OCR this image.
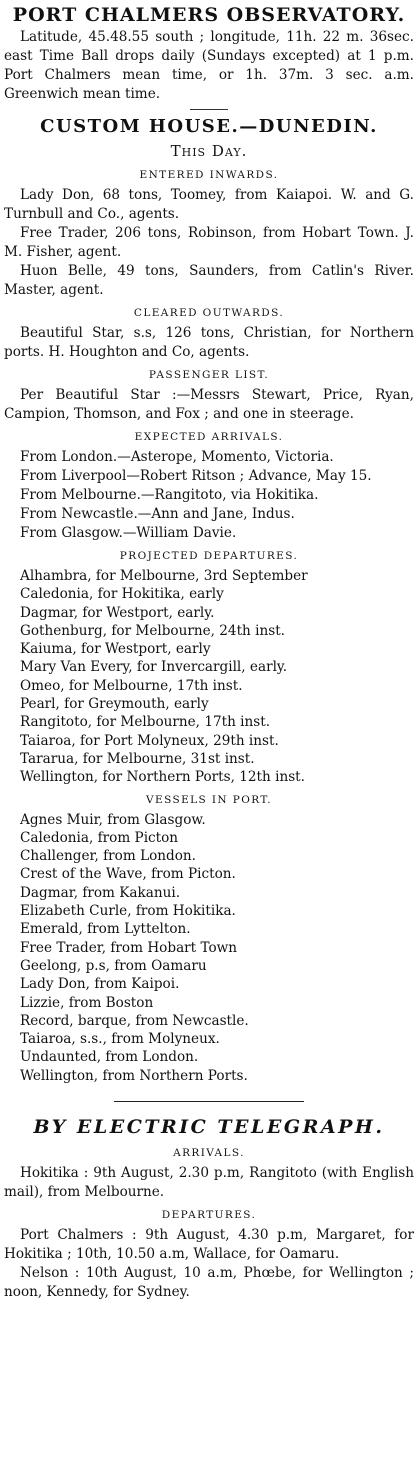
PORT CHALMERS OBSERVATORY.

Latitude, 45.48.55 south ; longitude, 11h. 22 m. 36sec. east Time Ball drops daily (Sundays excepted) at 1 p.m. Port Chalmers mean time, or 1h. 37m. 3 sec. a.m. Greenwich mean time.

CUSTOM HOUSE.—DUNEDIN.
This Day.
ENTERED INWARDS.

Lady Don, 68 tons, Toomey, from Kaiapoi. W. and G. Turnbull and Co., agents.

Free Trader, 206 tons, Robinson, from Hobart Town. J. M. Fisher, agent.

Huon Belle, 49 tons, Saunders, from Catlin's River. Master, agent.

CLEARED OUTWARDS.

Beautiful Star, s.s, 126 tons, Christian, for Northern ports. H. Houghton and Co, agents.

PASSENGER LIST.

Per Beautiful Star :—Messrs Stewart, Price, Ryan, Campion, Thomson, and Fox ; and one in steerage.

EXPECTED ARRIVALS.

From London.—Asterope, Momento, Victoria.

From Liverpool—Robert Ritson ; Advance, May 15.

From Melbourne.—Rangitoto, via Hokitika.

From Newcastle.—Ann and Jane, Indus.

From Glasgow.—William Davie.

PROJECTED DEPARTURES.
Alhambra, for Melbourne, 3rd September
Caledonia, for Hokitika, early
Dagmar, for Westport, early.
Gothenburg, for Melbourne, 24th inst.
Kaiuma, for Westport, early
Mary Van Every, for Invercargill, early.
Omeo, for Melbourne, 17th inst.
Pearl, for Greymouth, early
Rangitoto, for Melbourne, 17th inst.
Taiaroa, for Port Molyneux, 29th inst.
Tararua, for Melbourne, 31st inst.
Wellington, for Northern Ports, 12th inst.
VESSELS IN PORT.
Agnes Muir, from Glasgow.
Caledonia, from Picton
Challenger, from London.
Crest of the Wave, from Picton.
Dagmar, from Kakanui.
Elizabeth Curle, from Hokitika.
Emerald, from Lyttelton.
Free Trader, from Hobart Town
Geelong, p.s, from Oamaru
Lady Don, from Kaipoi.
Lizzie, from Boston
Record, barque, from Newcastle.
Taiaroa, s.s., from Molyneux.
Undaunted, from London.
Wellington, from Northern Ports.
BY ELECTRIC TELEGRAPH.
ARRIVALS.

Hokitika : 9th August, 2.30 p.m, Rangitoto (with English mail), from Melbourne.

DEPARTURES.

Port Chalmers : 9th August, 4.30 p.m, Margaret, for Hokitika ; 10th, 10.50 a.m, Wallace, for Oamaru.

Nelson : 10th August, 10 a.m, Phœbe, for Wellington ; noon, Kennedy, for Sydney.
